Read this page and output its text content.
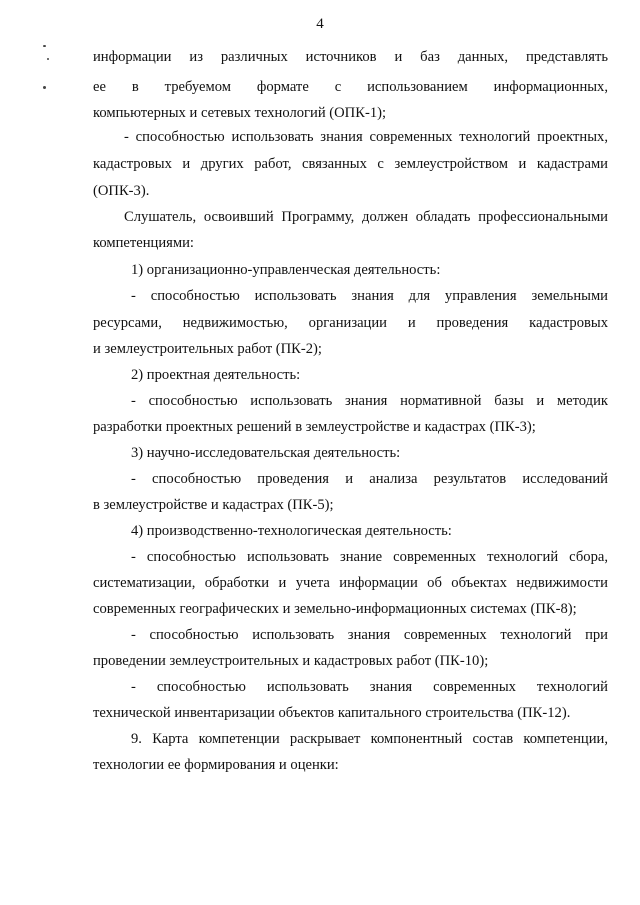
4
информации из различных источников и баз данных, представлять
ее в требуемом формате с использованием информационных,
компьютерных и сетевых технологий (ОПК-1);
- способностью использовать знания современных технологий проектных,
кадастровых и других работ, связанных с землеустройством и кадастрами
(ОПК-3).
Слушатель, освоивший Программу, должен обладать профессиональными
компетенциями:
1) организационно-управленческая деятельность:
- способностью использовать знания для управления земельными
ресурсами, недвижимостью, организации и проведения кадастровых
и землеустроительных работ (ПК-2);
2) проектная деятельность:
- способностью использовать знания нормативной базы и методик
разработки проектных решений в землеустройстве и кадастрах (ПК-3);
3) научно-исследовательская деятельность:
- способностью проведения и анализа результатов исследований
в землеустройстве и кадастрах (ПК-5);
4) производственно-технологическая деятельность:
- способностью использовать знание современных технологий сбора,
систематизации, обработки и учета информации об объектах недвижимости
современных географических и земельно-информационных системах (ПК-8);
- способностью использовать знания современных технологий при
проведении землеустроительных и кадастровых работ (ПК-10);
- способностью использовать знания современных технологий
технической инвентаризации объектов капитального строительства (ПК-12).
9. Карта компетенции раскрывает компонентный состав компетенции,
технологии ее формирования и оценки:
